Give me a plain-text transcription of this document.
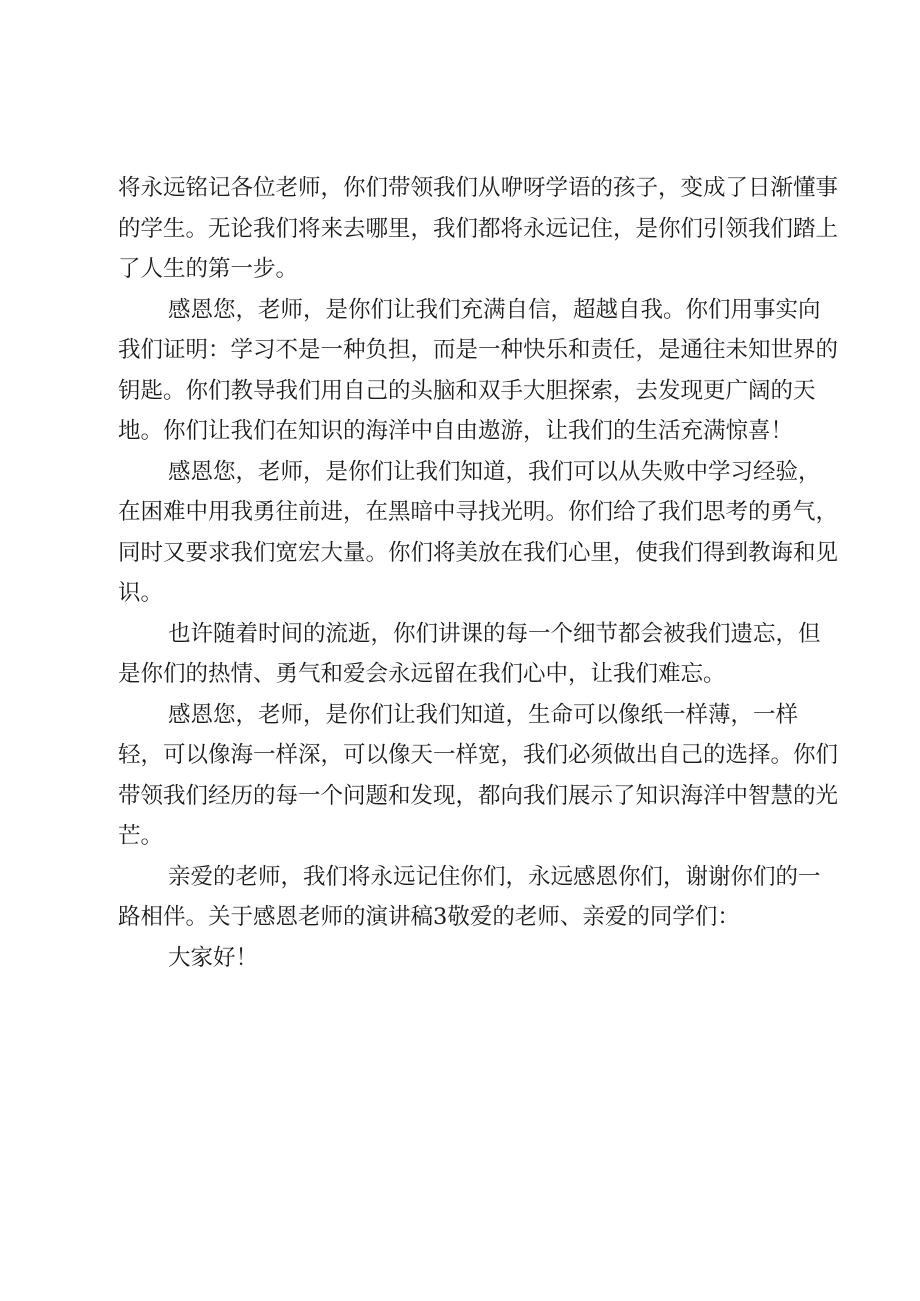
将永远铭记各位老师，你们带领我们从咿呀学语的孩子，变成了日渐懂事的学生。无论我们将来去哪里，我们都将永远记住，是你们引领我们踏上了人生的第一步。

感恩您，老师，是你们让我们充满自信，超越自我。你们用事实向我们证明：学习不是一种负担，而是一种快乐和责任，是通往未知世界的钥匙。你们教导我们用自己的头脑和双手大胆探索，去发现更广阔的天地。你们让我们在知识的海洋中自由遨游，让我们的生活充满惊喜！

感恩您，老师，是你们让我们知道，我们可以从失败中学习经验，在困难中用我勇往前进，在黑暗中寻找光明。你们给了我们思考的勇气，同时又要求我们宽宏大量。你们将美放在我们心里，使我们得到教诲和见识。

也许随着时间的流逝，你们讲课的每一个细节都会被我们遗忘，但是你们的热情、勇气和爱会永远留在我们心中，让我们难忘。

感恩您，老师，是你们让我们知道，生命可以像纸一样薄，一样轻，可以像海一样深，可以像天一样宽，我们必须做出自己的选择。你们带领我们经历的每一个问题和发现，都向我们展示了知识海洋中智慧的光芒。

亲爱的老师，我们将永远记住你们，永远感恩你们，谢谢你们的一路相伴。关于感恩老师的演讲稿3敬爱的老师、亲爱的同学们：

大家好！
